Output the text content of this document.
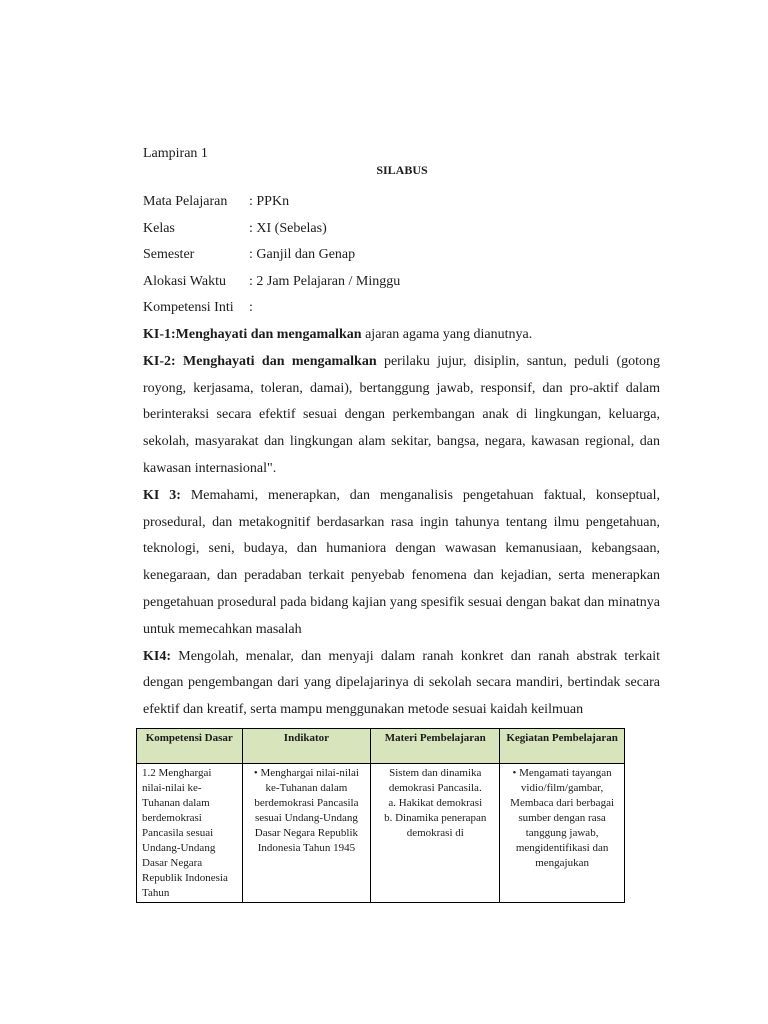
Lampiran 1
SILABUS
Mata Pelajaran : PPKn
Kelas	: XI (Sebelas)
Semester	: Ganjil dan Genap
Alokasi Waktu : 2 Jam Pelajaran / Minggu
Kompetensi Inti :

KI-1:Menghayati dan mengamalkan ajaran agama yang dianutnya.

KI-2: Menghayati dan mengamalkan perilaku jujur, disiplin, santun, peduli (gotong royong, kerjasama, toleran, damai), bertanggung jawab, responsif, dan pro-aktif dalam berinteraksi secara efektif sesuai dengan perkembangan anak di lingkungan, keluarga, sekolah, masyarakat dan lingkungan alam sekitar, bangsa, negara, kawasan regional, dan kawasan internasional".

KI 3: Memahami, menerapkan, dan menganalisis pengetahuan faktual, konseptual, prosedural, dan metakognitif berdasarkan rasa ingin tahunya tentang ilmu pengetahuan, teknologi, seni, budaya, dan humaniora dengan wawasan kemanusiaan, kebangsaan, kenegaraan, dan peradaban terkait penyebab fenomena dan kejadian, serta menerapkan pengetahuan prosedural pada bidang kajian yang spesifik sesuai dengan bakat dan minatnya untuk memecahkan masalah

KI4: Mengolah, menalar, dan menyaji dalam ranah konkret dan ranah abstrak terkait dengan pengembangan dari yang dipelajarinya di sekolah secara mandiri, bertindak secara efektif dan kreatif, serta mampu menggunakan metode sesuai kaidah keilmuan

Kompetensi Dasar	Indikator	Materi Pembelajaran	Kegiatan Pembelajaran

1.2 Menghargai nilai-nilai ke-Tuhanan dalam berdemokrasi Pancasila sesuai Undang-Undang Dasar Negara Republik Indonesia Tahun	• Menghargai nilai-nilai ke-Tuhanan dalam berdemokrasi Pancasila sesuai Undang-Undang Dasar Negara Republik Indonesia Tahun 1945	Sistem dan dinamika demokrasi Pancasila.
a. Hakikat demokrasi
b. Dinamika penerapan demokrasi di	• Mengamati tayangan vidio/film/gambar, Membaca dari berbagai sumber dengan rasa tanggung jawab, mengidentifikasi dan mengajukan
